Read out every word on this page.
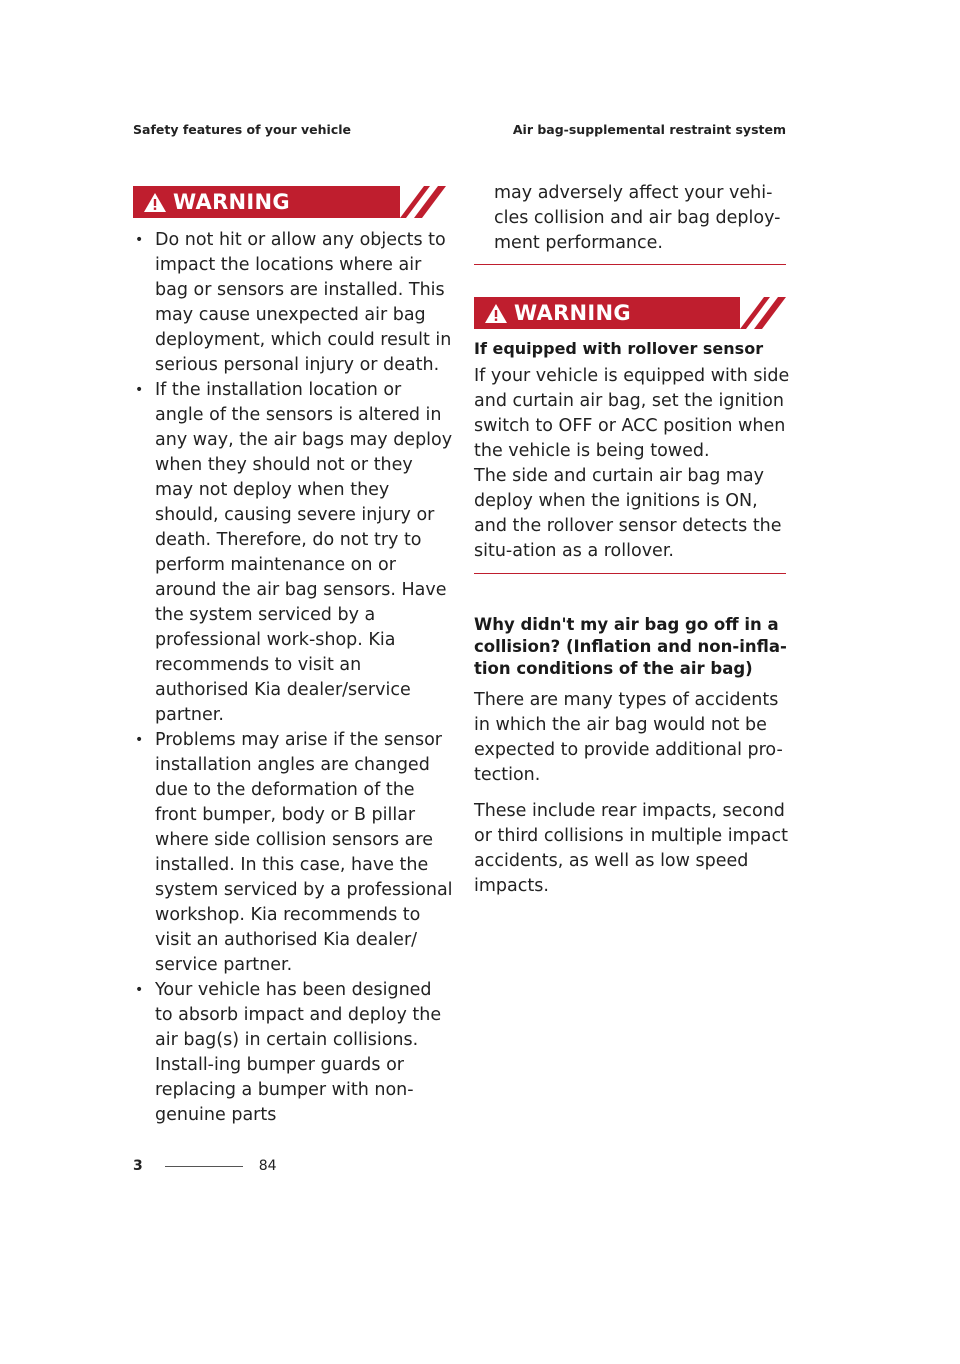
Safety features of your vehicle	Air bag-supplemental restraint system
WARNING
• Do not hit or allow any objects to impact the locations where air bag or sensors are installed. This may cause unexpected air bag deployment, which could result in serious personal injury or death.
• If the installation location or angle of the sensors is altered in any way, the air bags may deploy when they should not or they may not deploy when they should, causing severe injury or death. Therefore, do not try to perform maintenance on or around the air bag sensors. Have the system serviced by a professional work-shop. Kia recommends to visit an authorised Kia dealer/service partner.
• Problems may arise if the sensor installation angles are changed due to the deformation of the front bumper, body or B pillar where side collision sensors are installed. In this case, have the system serviced by a professional workshop. Kia recommends to visit an authorised Kia dealer/ service partner.
• Your vehicle has been designed to absorb impact and deploy the air bag(s) in certain collisions. Install-ing bumper guards or replacing a bumper with non-genuine parts
may adversely affect your vehi-cles collision and air bag deploy-ment performance.
WARNING

If equipped with rollover sensor

If your vehicle is equipped with side and curtain air bag, set the ignition switch to OFF or ACC position when the vehicle is being towed.

The side and curtain air bag may deploy when the ignitions is ON, and the rollover sensor detects the situ-ation as a rollover.

Why didn't my air bag go off in a collision? (Inflation and non-infla-tion conditions of the air bag)

There are many types of accidents in which the air bag would not be expected to provide additional pro-tection.

These include rear impacts, second or third collisions in multiple impact accidents, as well as low speed impacts.

3	84
